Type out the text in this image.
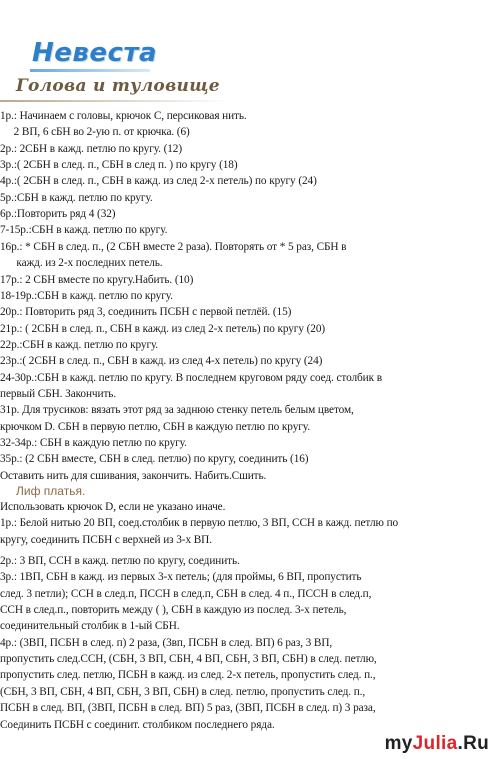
Невеста
Голова и туловище
1р.: Начинаем с головы, крючок С, персиковая нить.
2 ВП, 6 сБН во 2-ую п. от крючка. (6)
2р.: 2СБН в кажд. петлю по кругу. (12)
3р.:( 2СБН в след. п., СБН в след п. ) по кругу (18)
4р.:( 2СБН в след. п., СБН в кажд. из след 2-х петель) по кругу (24)
5р.:СБН в кажд. петлю по кругу.
6р.:Повторить ряд 4 (32)
7-15р.:СБН в кажд. петлю по кругу.
16р.: * СБН в след. п., (2 СБН вместе 2 раза). Повторять от * 5 раз, СБН в
кажд. из 2-х последних петель.
17р.: 2 СБН вместе по кругу.Набить. (10)
18-19р.:СБН в кажд. петлю по кругу.
20р.: Повторить ряд 3, соединить ПСБН с первой петлёй. (15)
21р.: ( 2СБН в след. п., СБН в кажд. из след 2-х петель) по кругу (20)
22р.:СБН в кажд. петлю по кругу.
23р.:( 2СБН в след. п., СБН в кажд. из след 4-х петель) по кругу (24)
24-30р.:СБН в кажд. петлю по кругу. В последнем круговом ряду соед. столбик в
первый СБН. Закончить.
31р. Для трусиков: вязать этот ряд за заднюю стенку петель белым цветом,
крючком D. СБН в первую петлю, СБН в каждую петлю по кругу.
32-34р.: СБН в каждую петлю по кругу.
35р.: (2 СБН вместе, СБН в след. петлю) по кругу, соединить (16)
Оставить нить для сшивания, закончить. Набить.Сшить.
Лиф платья.
Использовать крючок D, если не указано иначе.
1р.: Белой нитью 20 ВП, соед.столбик в первую петлю, 3 ВП, ССН в кажд. петлю по
кругу, соединить ПСБН с верхней из 3-х ВП.
2р.: 3 ВП, ССН в кажд. петлю по кругу, соединить.
3р.: 1ВП, СБН в кажд. из первых 3-х петель; (для проймы, 6 ВП, пропустить
след. 3 петли); ССН в след.п, ПССН в след.п, СБН в след. 4 п., ПССН в след.п,
ССН в след.п., повторить между ( ), СБН в каждую из послед. 3-х петель,
соединительный столбик в 1-ый СБН.
4р.: (3ВП, ПСБН в след. п) 2 раза, (3вп, ПСБН в след. ВП) 6 раз, 3 ВП,
пропустить след.ССН, (СБН, 3 ВП, СБН, 4 ВП, СБН, 3 ВП, СБН) в след. петлю,
пропустить след. петлю, ПСБН в кажд. из след. 2-х петель, пропустить след. п.,
(СБН, 3 ВП, СБН, 4 ВП, СБН, 3 ВП, СБН) в след. петлю, пропустить след. п.,
ПСБН в след. ВП, (3ВП, ПСБН в след. ВП) 5 раз, (3ВП, ПСБН в след. п) 3 раза,
Соединить ПСБН с соединит. столбиком последнего ряда.
myJulia.Ru
